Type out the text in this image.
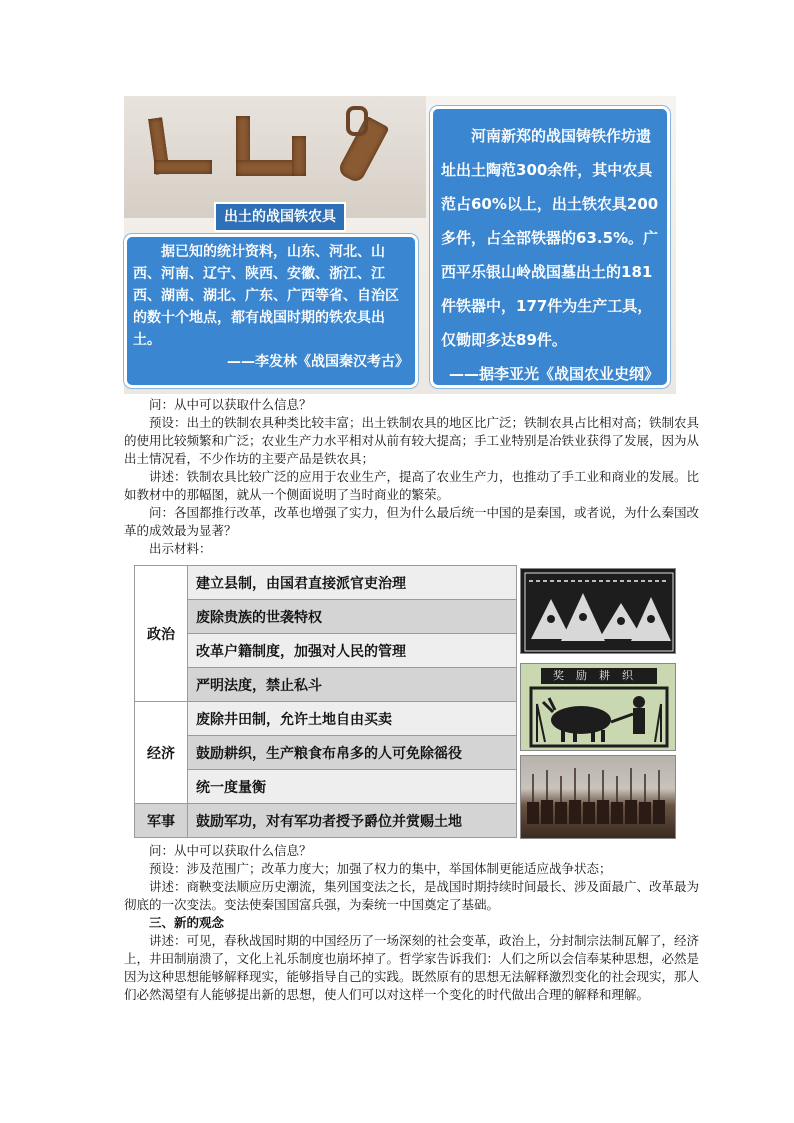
出土的战国铁农具

据已知的统计资料，山东、河北、山西、河南、辽宁、陕西、安徽、浙江、江西、湖南、湖北、广东、广西等省、自治区的数十个地点，都有战国时期的铁农具出土。

——李发林《战国秦汉考古》

河南新郑的战国铸铁作坊遗址出土陶范300余件，其中农具范占60%以上，出土铁农具200多件，占全部铁器的63.5%。广西平乐银山岭战国墓出土的181件铁器中，177件为生产工具，仅锄即多达89件。

——据李亚光《战国农业史纲》
问：从中可以获取什么信息？
预设：出土的铁制农具种类比较丰富；出土铁制农具的地区比广泛；铁制农具占比相对高；铁制农具的使用比较频繁和广泛；农业生产力水平相对从前有较大提高；手工业特别是冶铁业获得了发展，因为从出土情况看，不少作坊的主要产品是铁农具；
讲述：铁制农具比较广泛的应用于农业生产，提高了农业生产力，也推动了手工业和商业的发展。比如教材中的那幅图，就从一个侧面说明了当时商业的繁荣。
问：各国都推行改革，改革也增强了实力，但为什么最后统一中国的是秦国，或者说，为什么秦国改革的成效最为显著？
出示材料：
政治	建立县制，由国君直接派官吏治理
	废除贵族的世袭特权
	改革户籍制度，加强对人民的管理
	严明法度，禁止私斗
经济	废除井田制，允许土地自由买卖
	鼓励耕织，生产粮食布帛多的人可免除徭役
	统一度量衡
军事	鼓励军功，对有军功者授予爵位并赏赐土地
奖励耕织
问：从中可以获取什么信息？
预设：涉及范围广；改革力度大；加强了权力的集中，举国体制更能适应战争状态；
讲述：商鞅变法顺应历史潮流，集列国变法之长，是战国时期持续时间最长、涉及面最广、改革最为彻底的一次变法。变法使秦国国富兵强，为秦统一中国奠定了基础。
三、新的观念
讲述：可见，春秋战国时期的中国经历了一场深刻的社会变革，政治上，分封制宗法制瓦解了，经济上，井田制崩溃了，文化上礼乐制度也崩坏掉了。哲学家告诉我们：人们之所以会信奉某种思想，必然是因为这种思想能够解释现实，能够指导自己的实践。既然原有的思想无法解释激烈变化的社会现实，那人们必然渴望有人能够提出新的思想，使人们可以对这样一个变化的时代做出合理的解释和理解。
